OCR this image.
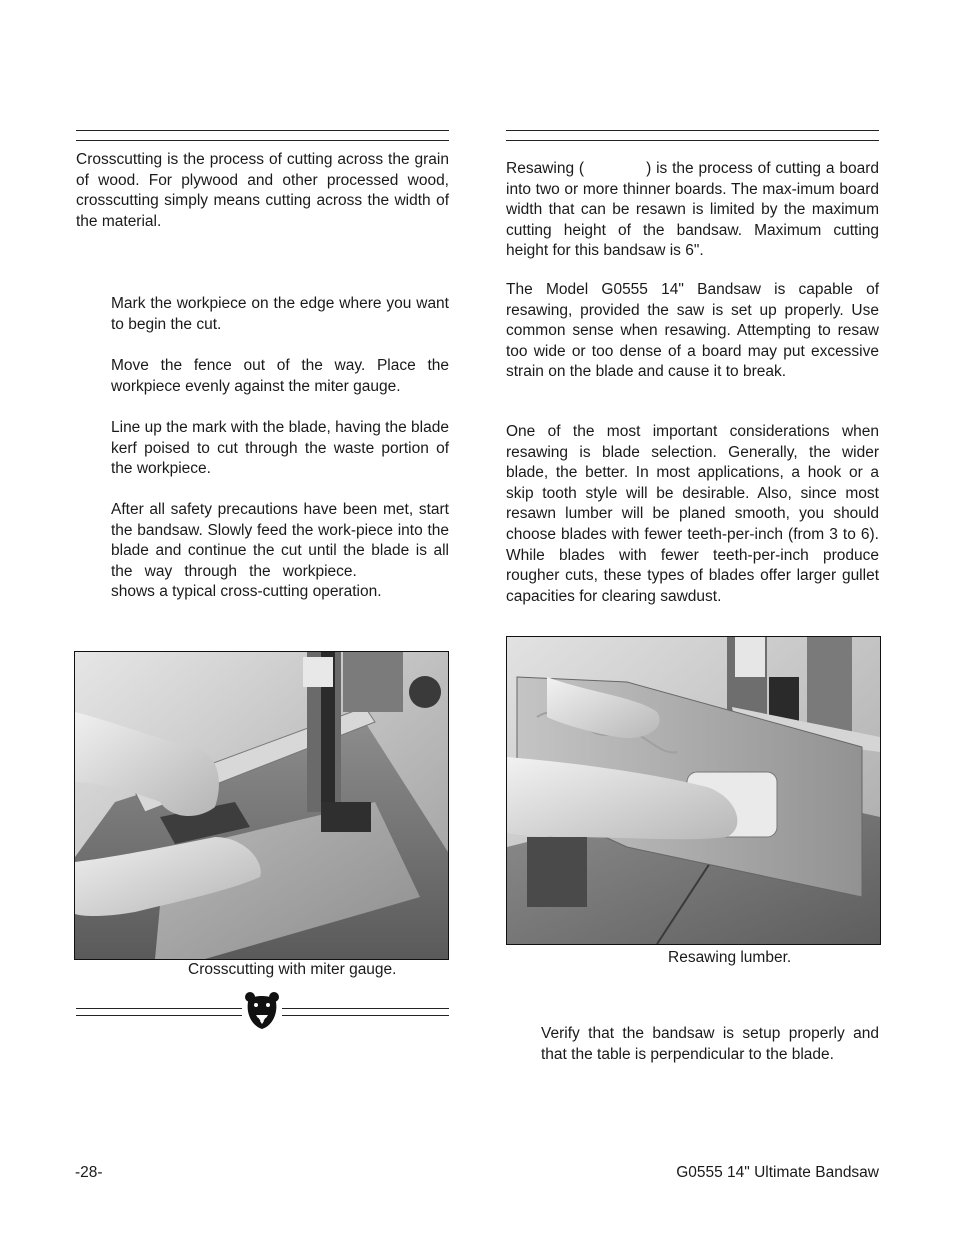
Crosscutting is the process of cutting across the grain of wood. For plywood and other processed wood, crosscutting simply means cutting across the width of the material.
Mark the workpiece on the edge where you want to begin the cut.
Move the fence out of the way. Place the workpiece evenly against the miter gauge.
Line up the mark with the blade, having the blade kerf poised to cut through the waste portion of the workpiece.
After all safety precautions have been met, start the bandsaw. Slowly feed the work-piece into the blade and continue the cut until the blade is all the way through the workpiece.  shows a typical cross-cutting operation.
Crosscutting with miter gauge.
Resawing (	) is the process of cutting a board into two or more thinner boards. The max-imum board width that can be resawn is limited by the maximum cutting height of the bandsaw. Maximum cutting height for this bandsaw is 6".
The Model G0555 14" Bandsaw is capable of resawing, provided the saw is set up properly. Use common sense when resawing. Attempting to resaw too wide or too dense of a board may put excessive strain on the blade and cause it to break.
One of the most important considerations when resawing is blade selection. Generally, the wider blade, the better. In most applications, a hook or a skip tooth style will be desirable. Also, since most resawn lumber will be planed smooth, you should choose blades with fewer teeth-per-inch (from 3 to 6). While blades with fewer teeth-per-inch produce rougher cuts, these types of blades offer larger gullet capacities for clearing sawdust.
Resawing lumber.
Verify that the bandsaw is setup properly and that the table is perpendicular to the blade.
-28-	G0555 14" Ultimate Bandsaw
